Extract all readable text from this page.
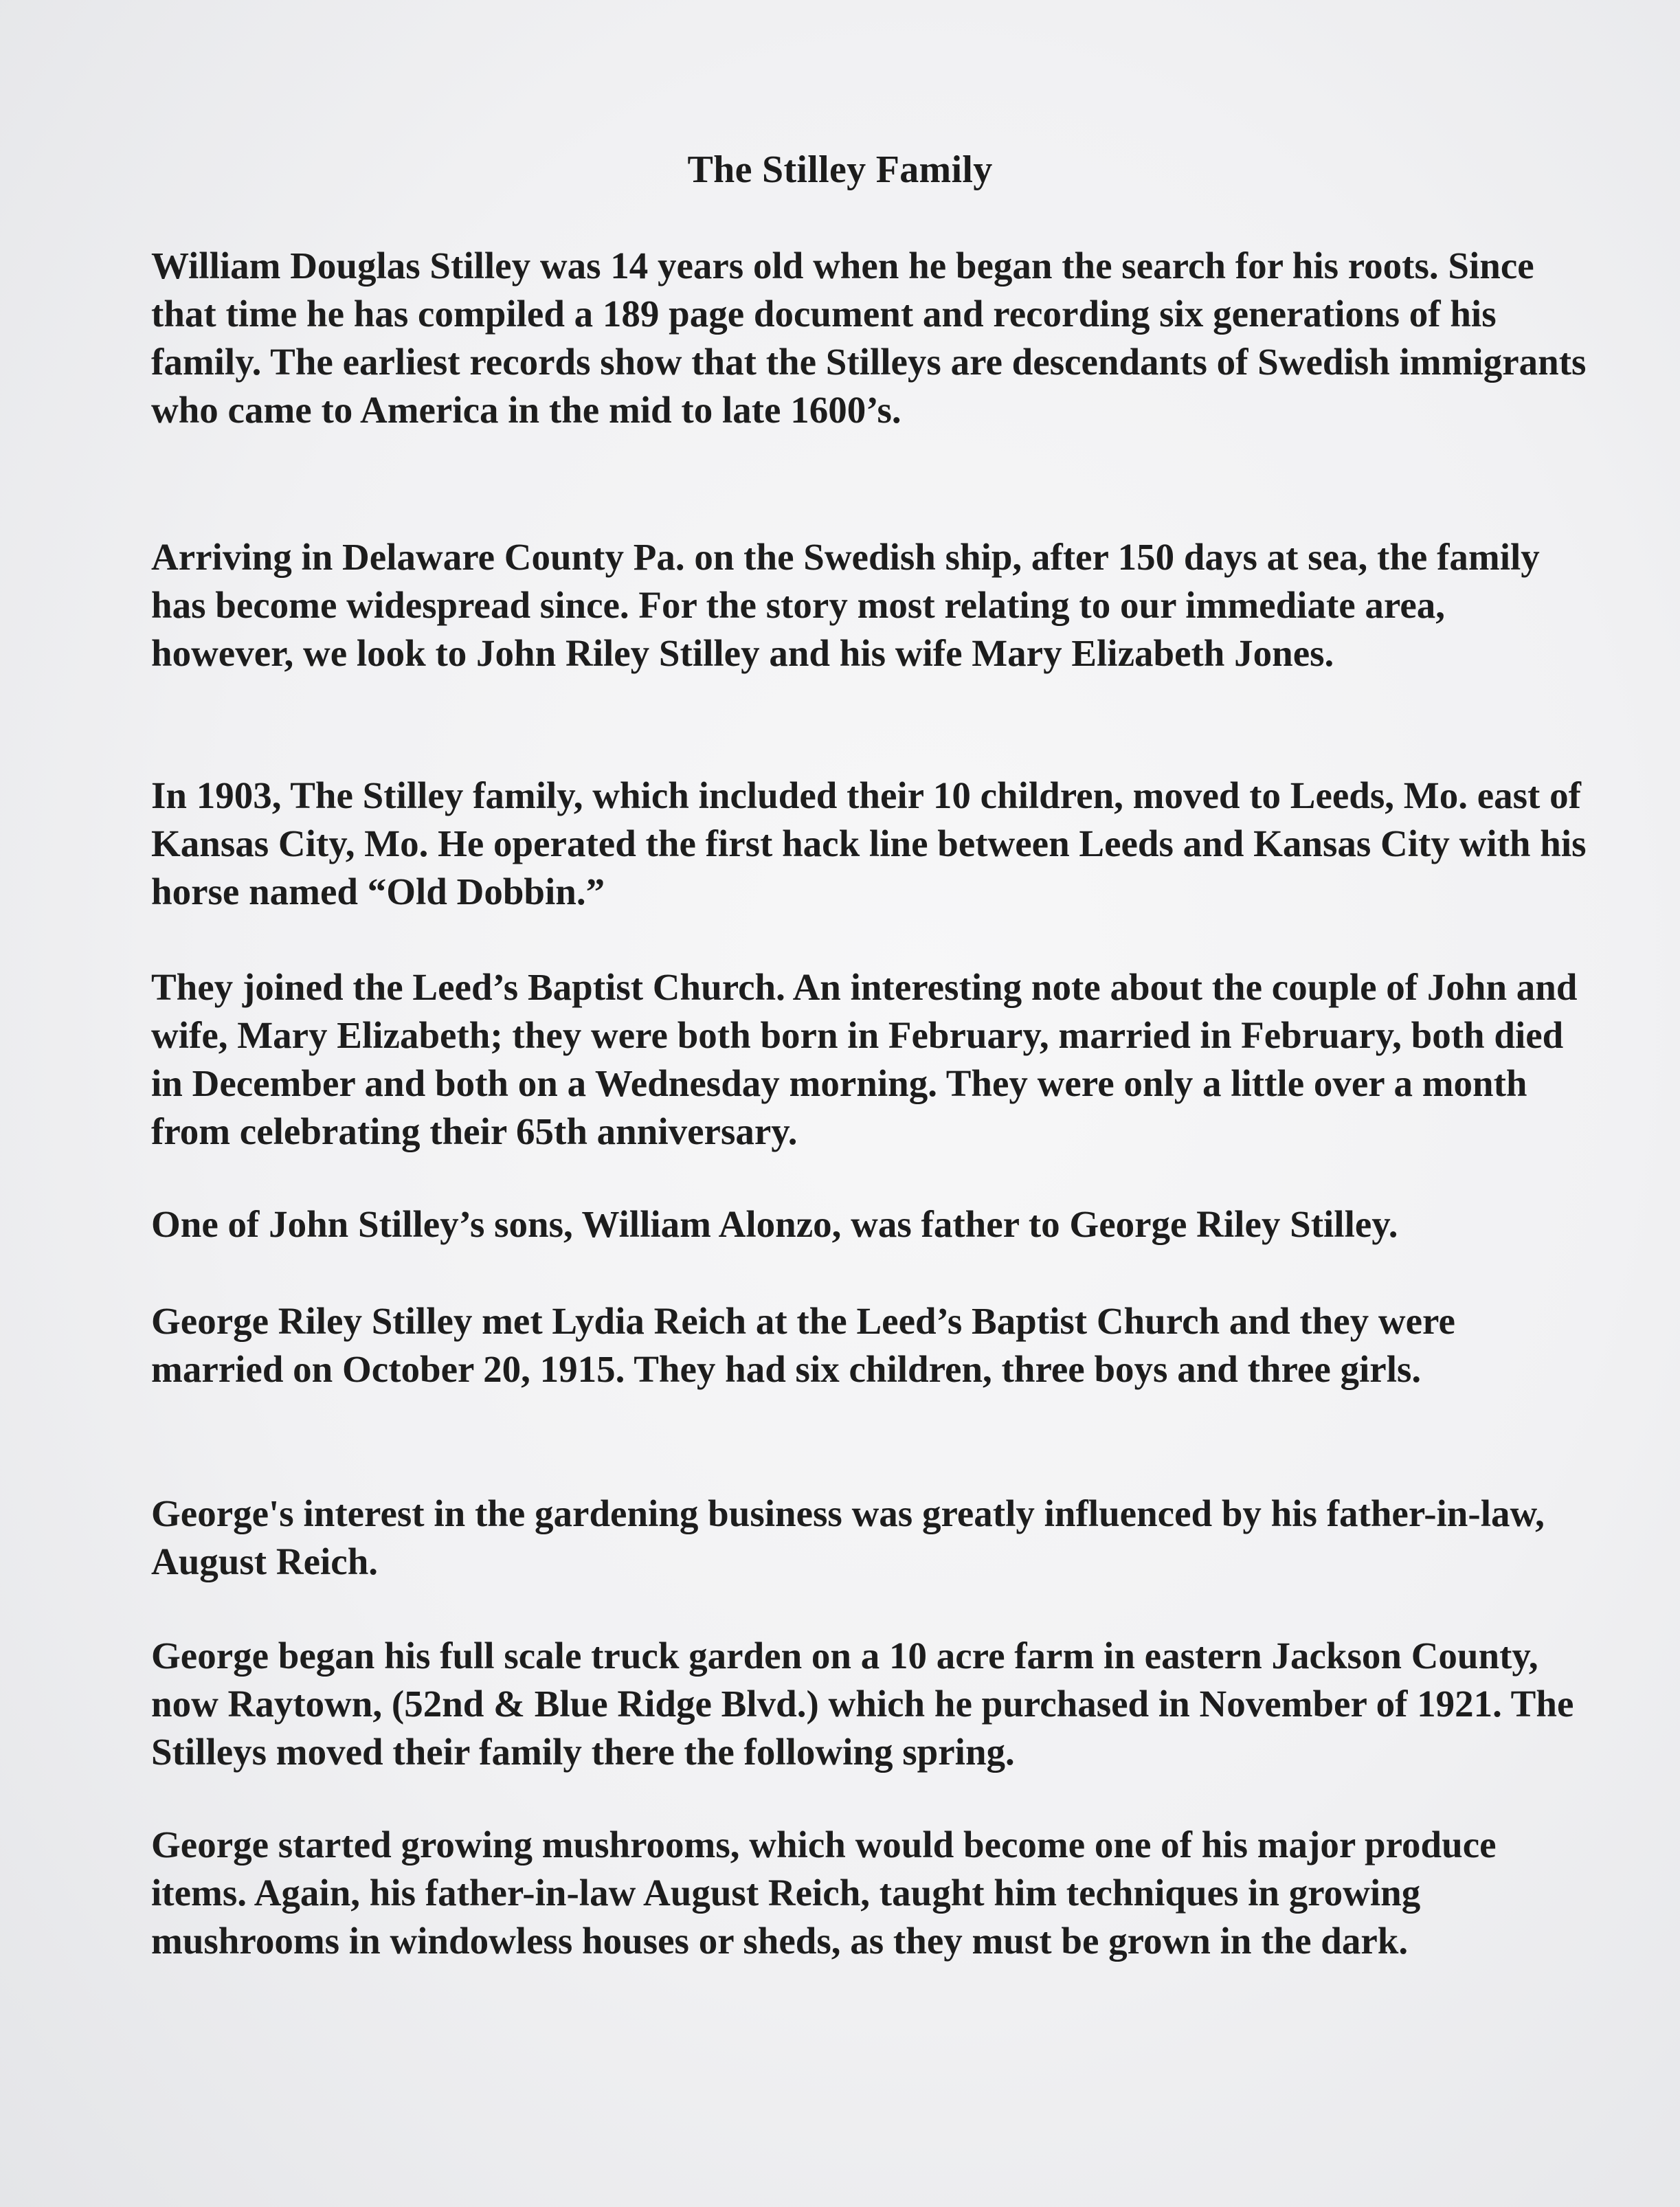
The Stilley Family

William Douglas Stilley was 14 years old when he began the search for his roots. Since that time he has compiled a 189 page document and recording six generations of his family. The earliest records show that the Stilleys are descendants of Swedish immigrants who came to America in the mid to late 1600’s.

Arriving in Delaware County Pa. on the Swedish ship, after 150 days at sea, the family has become widespread since. For the story most relating to our immediate area, however, we look to John Riley Stilley and his wife Mary Elizabeth Jones.

In 1903, The Stilley family, which included their 10 children, moved to Leeds, Mo. east of Kansas City, Mo. He operated the first hack line between Leeds and Kansas City with his horse named “Old Dobbin.”

They joined the Leed’s Baptist Church. An interesting note about the couple of John and wife, Mary Elizabeth; they were both born in February, married in February, both died in December and both on a Wednesday morning. They were only a little over a month from celebrating their 65th anniversary.

One of John Stilley’s sons, William Alonzo, was father to George Riley Stilley.

George Riley Stilley met Lydia Reich at the Leed’s Baptist Church and they were married on October 20, 1915. They had six children, three boys and three girls.

George's interest in the gardening business was greatly influenced by his father-in-law, August Reich.

George began his full scale truck garden on a 10 acre farm in eastern Jackson County, now Raytown, (52nd & Blue Ridge Blvd.) which he purchased in November of 1921. The Stilleys moved their family there the following spring.

George started growing mushrooms, which would become one of his major produce items. Again, his father-in-law August Reich, taught him techniques in growing mushrooms in windowless houses or sheds, as they must be grown in the dark.
